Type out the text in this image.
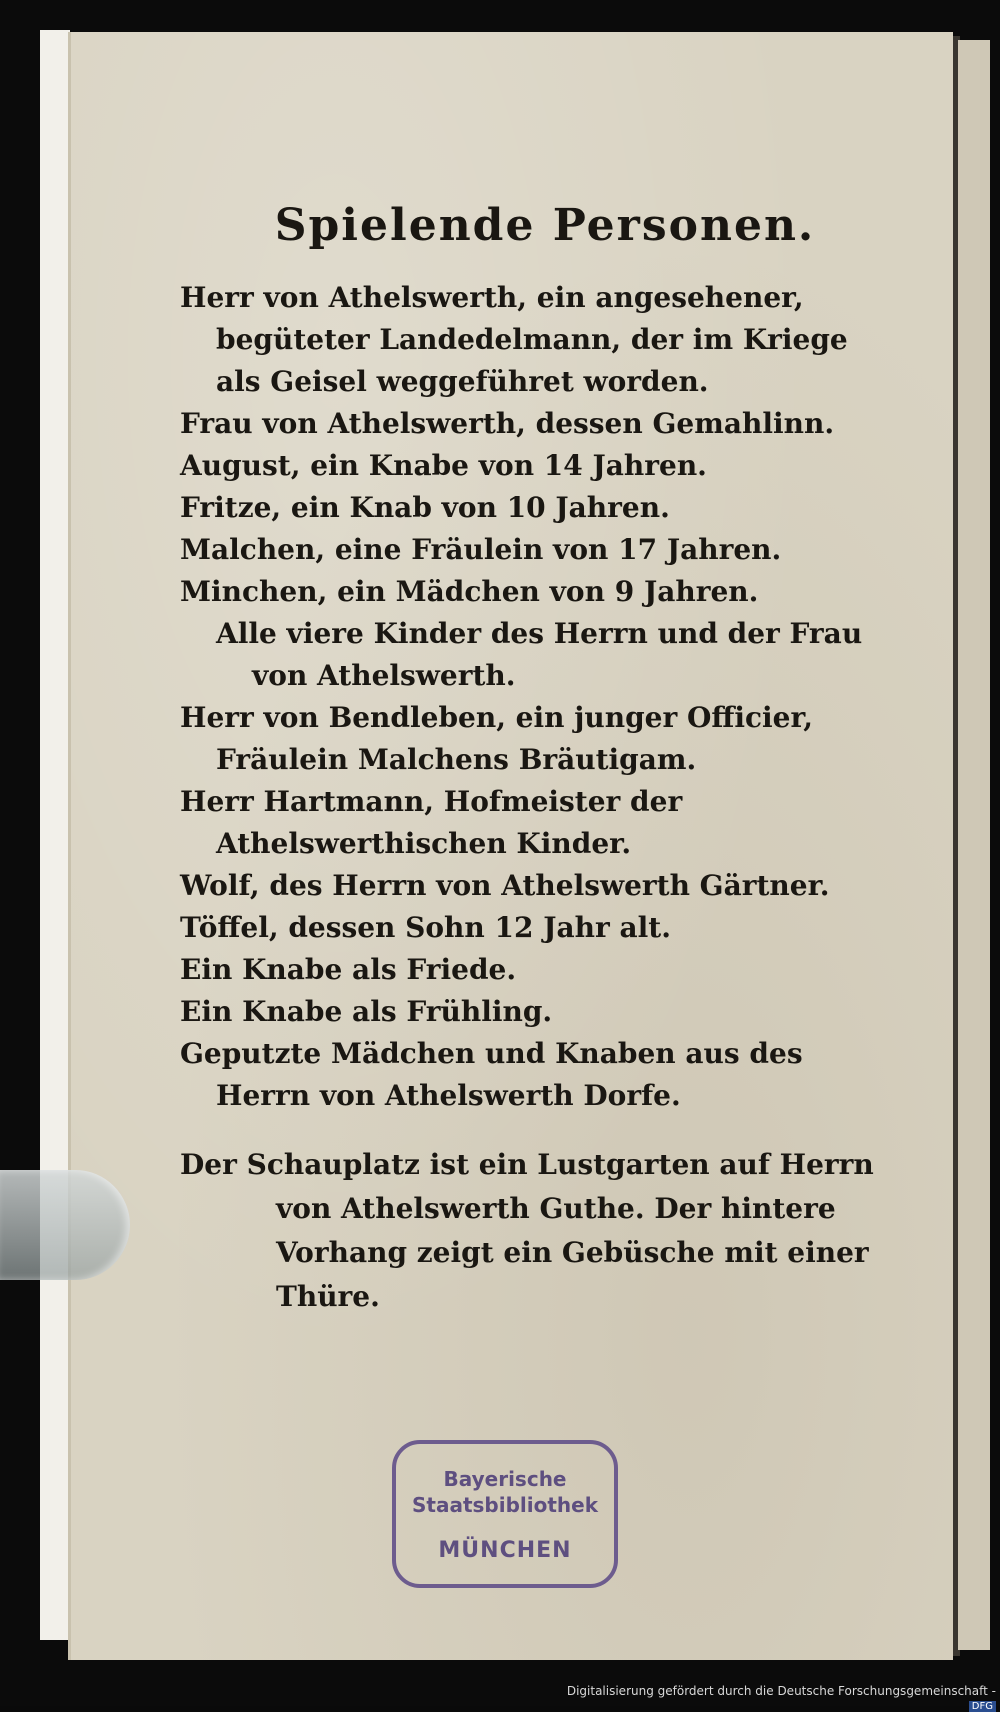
Spielende Personen.

Herr von Athelswerth, ein angesehener, begüteter Landedelmann, der im Kriege als Geisel weggeführet worden.

Frau von Athelswerth, dessen Gemahlinn.

August, ein Knabe von 14 Jahren.

Fritze, ein Knab von 10 Jahren.

Malchen, eine Fräulein von 17 Jahren.

Minchen, ein Mädchen von 9 Jahren.

Alle viere Kinder des Herrn und der Frau von Athelswerth.

Herr von Bendleben, ein junger Officier, Fräulein Malchens Bräutigam.

Herr Hartmann, Hofmeister der Athelswerthischen Kinder.

Wolf, des Herrn von Athelswerth Gärtner.

Töffel, dessen Sohn 12 Jahr alt.

Ein Knabe als Friede.

Ein Knabe als Frühling.

Geputzte Mädchen und Knaben aus des Herrn von Athelswerth Dorfe.

Der Schauplatz ist ein Lustgarten auf Herrn von Athelswerth Guthe. Der hintere Vorhang zeigt ein Gebüsche mit einer Thüre.

Bayerische
Staatsbibliothek
MÜNCHEN
Digitalisierung gefördert durch die Deutsche Forschungsgemeinschaft -DFG
